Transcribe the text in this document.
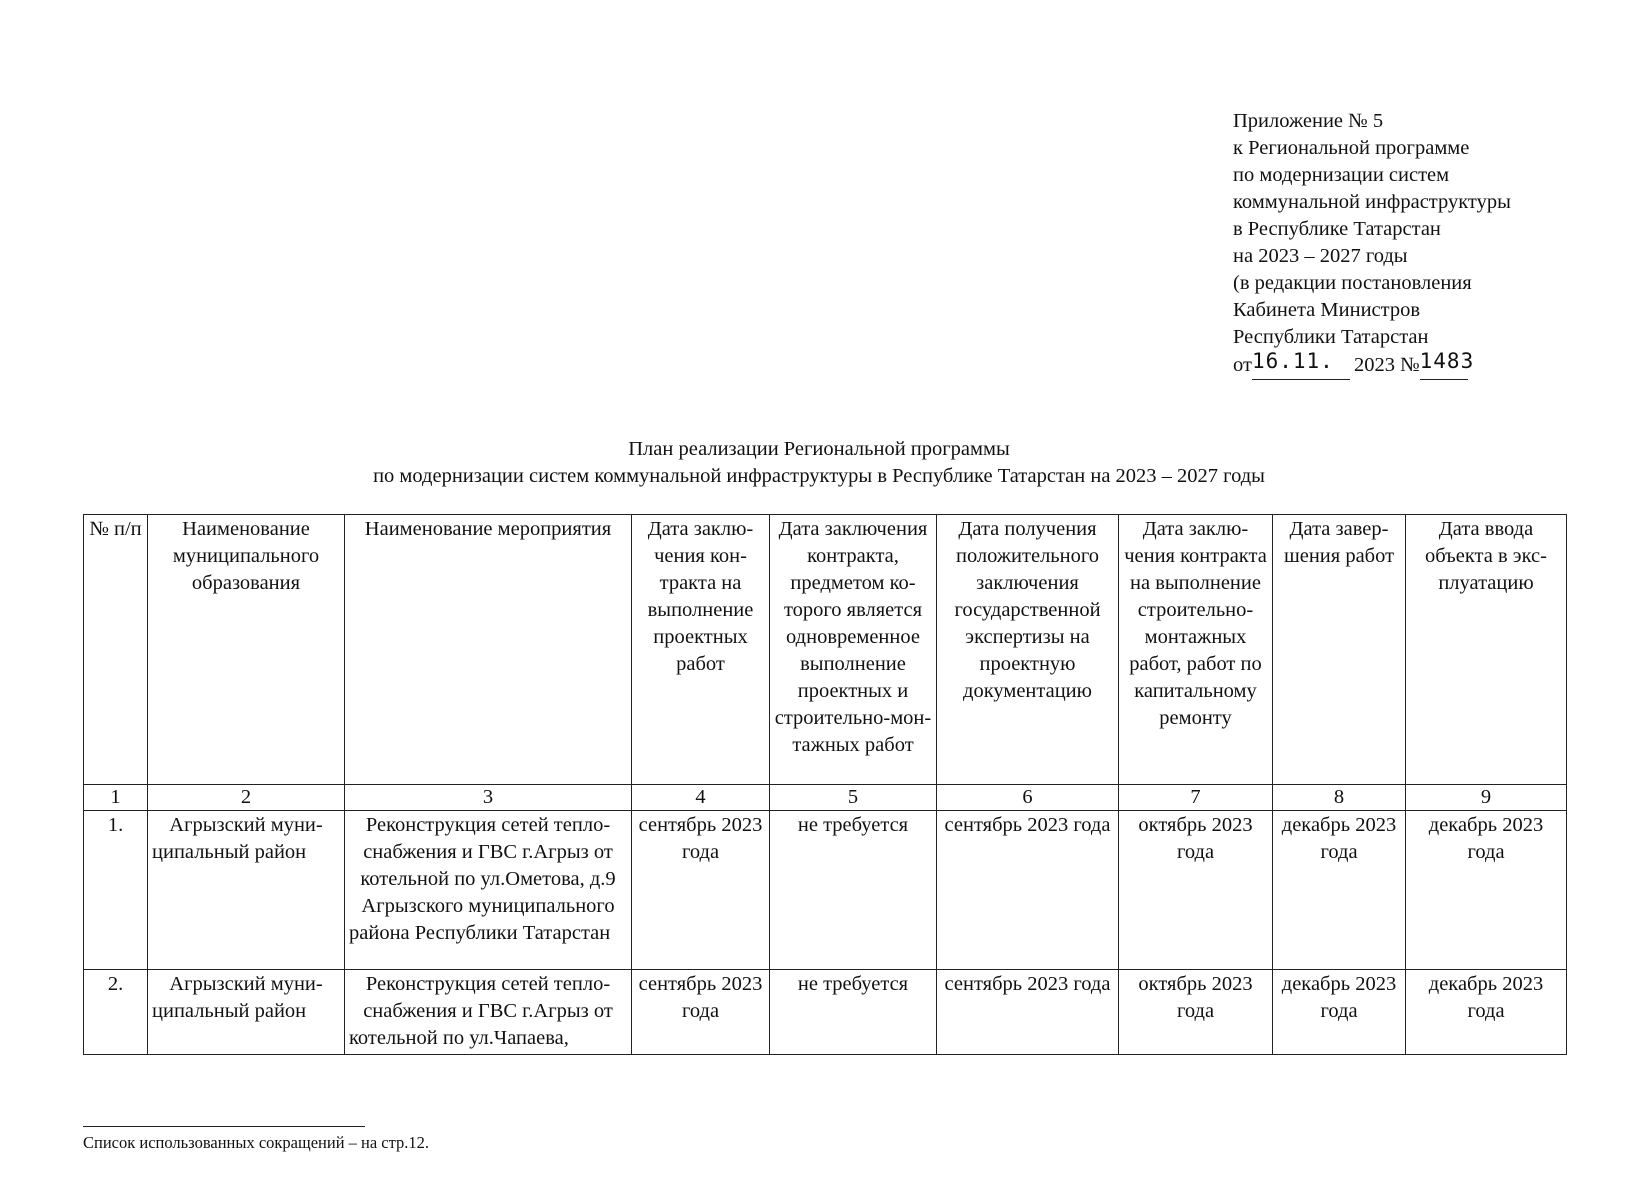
Приложение № 5
к Региональной программе
по модернизации систем
коммунальной инфраструктуры
в Республике Татарстан
на 2023 – 2027 годы
(в редакции постановления
Кабинета Министров
Республики Татарстан
от16.11. 2023 №1483
План реализации Региональной программы
по модернизации систем коммунальной инфраструктуры в Республике Татарстан на 2023 – 2027 годы
№ п/п	Наименование муниципального образования	Наименование мероприятия	Дата заключения контракта на выполнение проектных работ	Дата заключения контракта, предметом которого является одновременное выполнение проектных и строительно-монтажных работ	Дата получения положительного заключения государственной экспертизы на проектную документацию	Дата заключения контракта на выполнение строительно-монтажных работ, работ по капитальному ремонту	Дата завершения работ	Дата ввода объекта в эксплуатацию
1	2	3	4	5	6	7	8	9
1.	Агрызский муниципальный район	Реконструкция сетей теплоснабжения и ГВС г.Агрыз от котельной по ул.Ометова, д.9 Агрызского муниципального района Республики Татарстан	сентябрь 2023 года	не требуется	сентябрь 2023 года	октябрь 2023 года	декабрь 2023 года	декабрь 2023 года
2.	Агрызский муниципальный район	Реконструкция сетей теплоснабжения и ГВС г.Агрыз от котельной по ул.Чапаева,	сентябрь 2023 года	не требуется	сентябрь 2023 года	октябрь 2023 года	декабрь 2023 года	декабрь 2023 года
Список использованных сокращений – на стр.12.
